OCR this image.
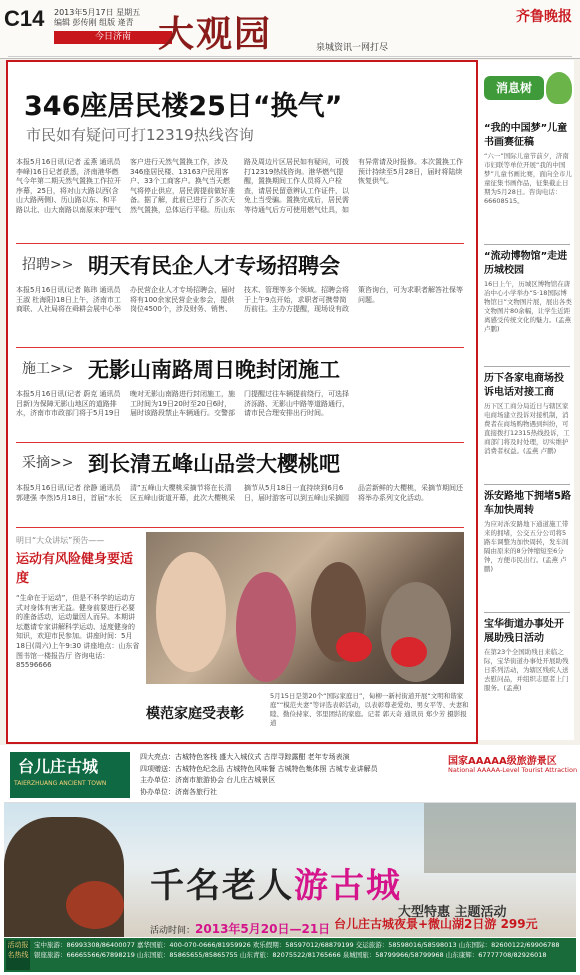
C14 2013年5月17日 星期五
编辑 彭传刚 组版 逄青
今日济南 大观园	泉城资讯一网打尽
齐鲁晚报
346座居民楼25日“换气”
市民如有疑问可打12319热线咨询
本报5月16日讯(记者 孟燕 通讯员 李峰)16日记者获悉，济南港华燃气今年第二期天然气置换工作拉开序幕，25日，将对山大路以西(含山大路两侧)、历山路以东、和平路以北、山大南路以南原来护理气客户进行天然气置换工作，涉及346座居民楼、13163户民用客户、33个工商客户。换气当天燃气将停止供应，居民需提前做好准备。据了解，此前已进行了多次天然气置换，总体运行平稳。历山东路及周边片区居民如有疑问，可拨打12319热线咨询。港华燃气提醒，置换期间工作人员将入户检查，请居民留意辨认工作证件，以免上当受骗。置换完成后，居民需等待通气后方可使用燃气灶具，如有异常请及时报修。本次置换工作预计持续至5月28日，届时将陆续恢复供气。
招聘>> 明天有民企人才专场招聘会
本报5月16日讯(记者 陈玮 通讯员 王淑 杜海阳)18日上午，济南市工商联、人社局将在舜耕会展中心举办民营企业人才专场招聘会，届时将有100余家民营企业参会，提供岗位4500个，涉及财务、销售、技术、管理等多个领域。招聘会将于上午9点开始，求职者可携带简历前往。主办方提醒，现场设有政策咨询台，可为求职者解答社保等问题。
施工>> 无影山南路周日晚封闭施工
本报5月16日讯(记者 蔚克 通讯员 吕新)为保障无影山地区的道路排水，济南市市政部门将于5月19日晚对无影山南路进行封闭施工，施工时间为19日20时至20日6时，届时该路段禁止车辆通行。交警部门提醒过往车辆提前绕行，可选择济泺路、无影山中路等道路通行，请市民合理安排出行时间。
采摘>> 到长清五峰山品尝大樱桃吧
本报5月16日讯(记者 徐静 通讯员 郭建强 李然)5月18日，首届“水长清”五峰山大樱桃采摘节将在长清区五峰山街道开幕，此次大樱桃采摘节从5月18日一直持续到6月6日，届时游客可以到五峰山采摘园品尝新鲜的大樱桃，采摘节期间还将举办系列文化活动。
明日“大众讲坛”预告——
运动有风险健身要适度
“生命在于运动”，但是不科学的运动方式对身体有害无益。健身前要进行必要的准备活动，运动量因人而异。本期讲坛邀请专家讲解科学运动、适度健身的知识，欢迎市民参加。讲座时间：5月18日(周六)上午9:30 讲座地点：山东省图书馆一楼报告厅 咨询电话：85596666
模范家庭受表彰
5月15日是第20个“国际家庭日”，甸柳一新村街道开展“文明和谐家庭”“模范夫妻”等评选表彰活动，以表彰尊老爱幼、男女平等、夫妻和睦、勤俭持家、邻里团结的家庭。记者 郭天奇 通讯员 郑少芳 摄影报道
消息树
“我的中国梦”儿童书画赛征稿
“六一”国际儿童节前夕，济南市妇联等单位开展“我的中国梦”儿童书画比赛，面向全市儿童征集书画作品，征集截止日期为5月28日。咨询电话：66608515。
“流动博物馆”走进历城校园
16日上午，历城区博物馆在唐冶中心小学举办“5·18国际博物馆日”文物图片展，展出各类文物图片80余幅，让学生近距离感受传统文化的魅力。(孟燕 卢鹏)
历下各家电商场投诉电话对接工商
历下区工商分局近日与辖区家电商场建立投诉对接机制，消费者在商场购物遇到纠纷，可直接拨打12315热线投诉，工商部门将及时处理，切实维护消费者权益。(孟燕 卢鹏)
泺安路地下拥堵5路车加快周转
为应对泺安路地下通道施工带来的拥堵，公交五分公司将5路车调整为加快周转，发车间隔由原来的8分钟缩短至6分钟，方便市民出行。(孟燕 卢鹏)
宝华街道办事处开展助残日活动
在第23个全国助残日来临之际，宝华街道办事处开展助残日系列活动，为辖区残疾人送去慰问品，并组织志愿者上门服务。(孟燕)
台儿庄古城
TAIERZHUANG ANCIENT TOWN
四大亮点：古城特色客栈 盛大入城仪式 古岸寻踪露酣 老年专场表演
四项赠送：古城特色纪念品 古城特色风味餐 古城特色集体照 古城专业讲解员
主办单位：济南市旅游协会 台儿庄古城景区
协办单位：济南各旅行社
国家AAAAA级旅游景区
National AAAAA-Level Tourist Attraction
千名老人游古城
大型特惠 主题活动
活动时间：2013年5月20日—21日 台儿庄古城夜景+微山湖2日游 299元
活动报名热线
宝中旅游：86993308/86400077 嘉华国旅：400-070-0666/81959926 欢乐假期：58597012/68879199 交运旅游：58598016/58598013 山东国际：82600122/69906788
银座旅游：66665566/67898219 山东国旅：85865655/85865755 山东青旅：82075522/81765666 泉城国旅：58799966/58799968 山东康辉：67777708/82926018
